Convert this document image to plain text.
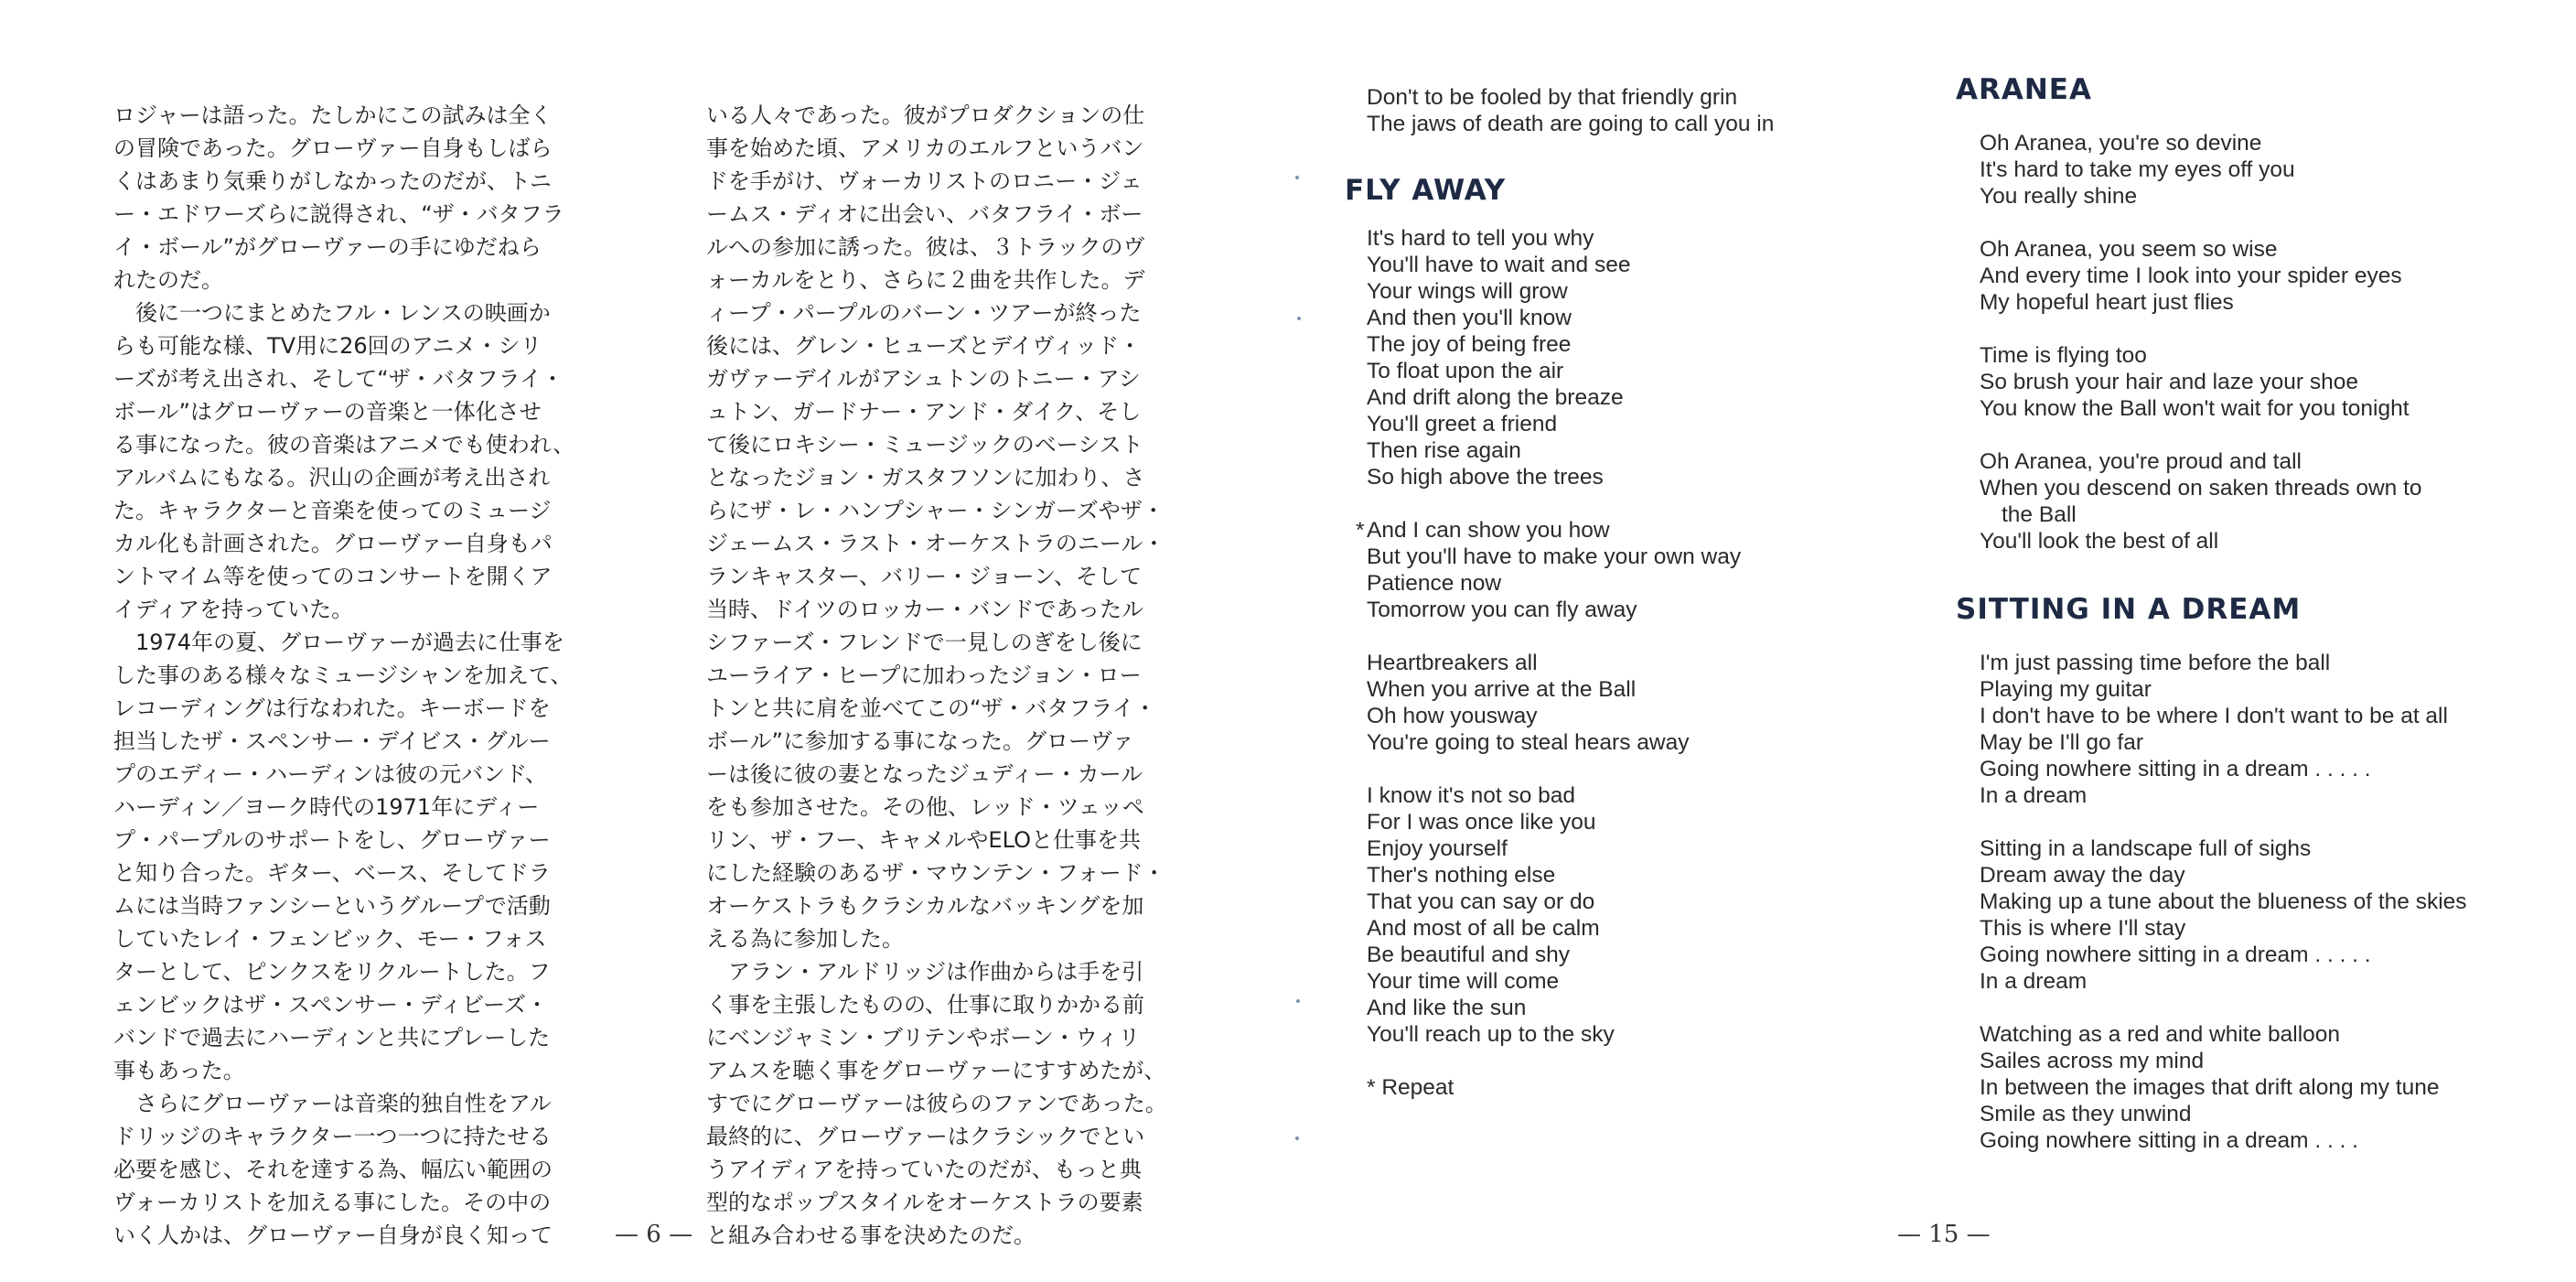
ロジャーは語った。たしかにこの試みは全く

の冒険であった。グローヴァー自身もしばら

くはあまり気乗りがしなかったのだが、トニ

ー・エドワーズらに説得され、“ザ・バタフラ

イ・ボール”がグローヴァーの手にゆだねら

れたのだ。

　後に一つにまとめたフル・レンスの映画か

らも可能な様、TV用に26回のアニメ・シリ

ーズが考え出され、そして“ザ・バタフライ・

ボール”はグローヴァーの音楽と一体化させ

る事になった。彼の音楽はアニメでも使われ、

アルバムにもなる。沢山の企画が考え出され

た。キャラクターと音楽を使ってのミュージ

カル化も計画された。グローヴァー自身もパ

ントマイム等を使ってのコンサートを開くア

イディアを持っていた。

　1974年の夏、グローヴァーが過去に仕事を

した事のある様々なミュージシャンを加えて、

レコーディングは行なわれた。キーボードを

担当したザ・スペンサー・デイビス・グルー

プのエディー・ハーディンは彼の元バンド、

ハーディン／ヨーク時代の1971年にディー

プ・パープルのサポートをし、グローヴァー

と知り合った。ギター、ベース、そしてドラ

ムには当時ファンシーというグループで活動

していたレイ・フェンビック、モー・フォス

ターとして、ピンクスをリクルートした。フ

ェンビックはザ・スペンサー・ディビーズ・

バンドで過去にハーディンと共にプレーした

事もあった。

　さらにグローヴァーは音楽的独自性をアル

ドリッジのキャラクター一つ一つに持たせる

必要を感じ、それを達する為、幅広い範囲の

ヴォーカリストを加える事にした。その中の

いく人かは、グローヴァー自身が良く知って

いる人々であった。彼がプロダクションの仕

事を始めた頃、アメリカのエルフというバン

ドを手がけ、ヴォーカリストのロニー・ジェ

ームス・ディオに出会い、バタフライ・ボー

ルへの参加に誘った。彼は、３トラックのヴ

ォーカルをとり、さらに２曲を共作した。デ

ィープ・パープルのバーン・ツアーが終った

後には、グレン・ヒューズとデイヴィッド・

ガヴァーデイルがアシュトンのトニー・アシ

ュトン、ガードナー・アンド・ダイク、そし

て後にロキシー・ミュージックのベーシスト

となったジョン・ガスタフソンに加わり、さ

らにザ・レ・ハンプシャー・シンガーズやザ・

ジェームス・ラスト・オーケストラのニール・

ランキャスター、バリー・ジョーン、そして

当時、ドイツのロッカー・バンドであったル

シファーズ・フレンドで一見しのぎをし後に

ユーライア・ヒープに加わったジョン・ロー

トンと共に肩を並べてこの“ザ・バタフライ・

ボール”に参加する事になった。グローヴァ

ーは後に彼の妻となったジュディー・カール

をも参加させた。その他、レッド・ツェッペ

リン、ザ・フー、キャメルやELOと仕事を共

にした経験のあるザ・マウンテン・フォード・

オーケストラもクラシカルなバッキングを加

える為に参加した。

　アラン・アルドリッジは作曲からは手を引

く事を主張したものの、仕事に取りかかる前

にベンジャミン・ブリテンやボーン・ウィリ

アムスを聴く事をグローヴァーにすすめたが、

すでにグローヴァーは彼らのファンであった。

最終的に、グローヴァーはクラシックでとい

うアイディアを持っていたのだが、もっと典

型的なポップスタイルをオーケストラの要素

と組み合わせる事を決めたのだ。

— 6 —
Don't to be fooled by that friendly grin
The jaws of death are going to call you in
FLY AWAY
It's hard to tell you why
You'll have to wait and see
Your wings will grow
And then you'll know
The joy of being free
To float upon the air
And drift along the breaze
You'll greet a friend
Then rise again
So high above the trees
* And I can show you how
But you'll have to make your own way
Patience now
Tomorrow you can fly away
Heartbreakers all
When you arrive at the Ball
Oh how yousway
You're going to steal hears away
I know it's not so bad
For I was once like you
Enjoy yourself
Ther's nothing else
That you can say or do
And most of all be calm
Be beautiful and shy
Your time will come
And like the sun
You'll reach up to the sky
* Repeat
ARANEA
Oh Aranea, you're so devine
It's hard to take my eyes off you
You really shine
Oh Aranea, you seem so wise
And every time I look into your spider eyes
My hopeful heart just flies
Time is flying too
So brush your hair and laze your shoe
You know the Ball won't wait for you tonight
Oh Aranea, you're proud and tall
When you descend on saken threads own to
the Ball
You'll look the best of all
SITTING IN A DREAM
I'm just passing time before the ball
Playing my guitar
I don't have to be where I don't want to be at all
May be I'll go far
Going nowhere sitting in a dream . . . . .
In a dream
Sitting in a landscape full of sighs
Dream away the day
Making up a tune about the blueness of the skies
This is where I'll stay
Going nowhere sitting in a dream . . . . .
In a dream
Watching as a red and white balloon
Sailes across my mind
In between the images that drift along my tune
Smile as they unwind
Going nowhere sitting in a dream . . . .
— 15 —
